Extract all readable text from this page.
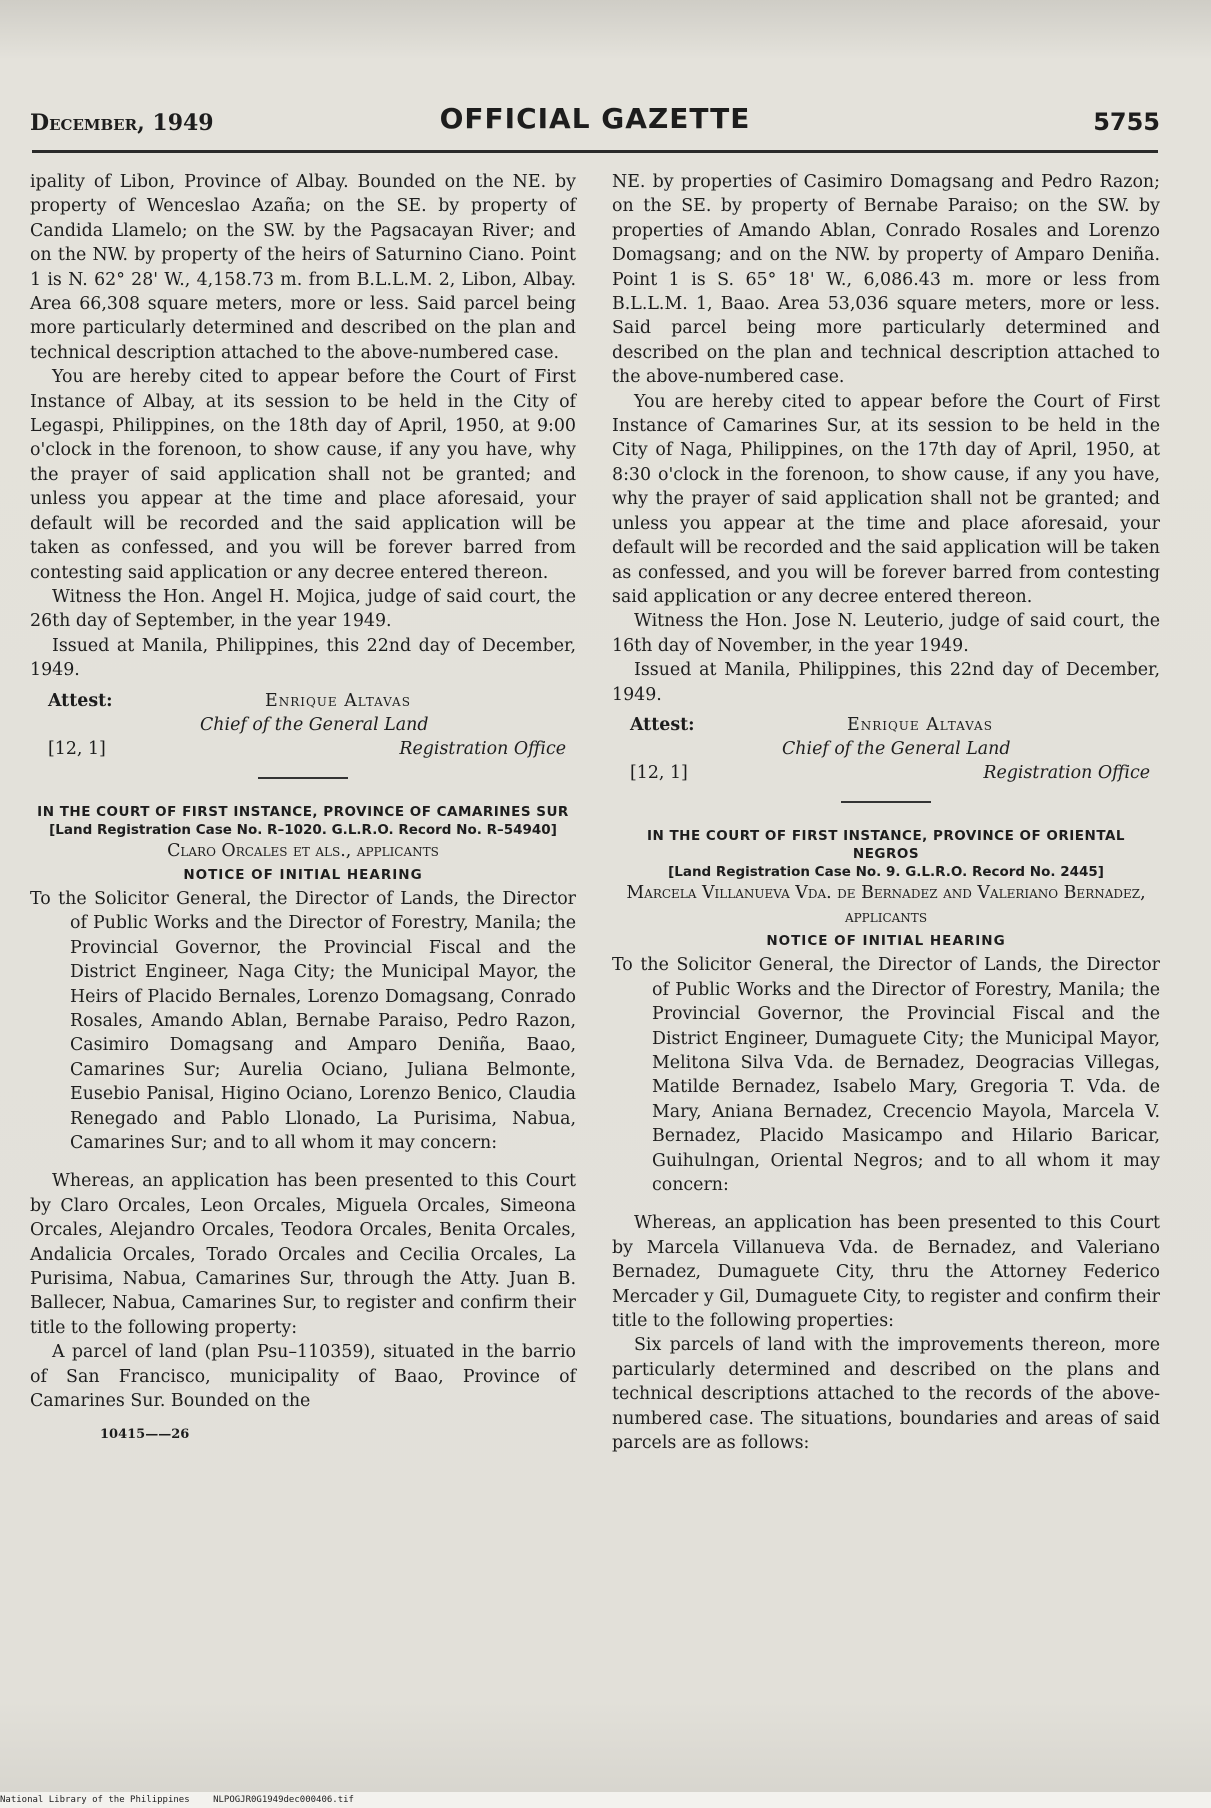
December, 1949	OFFICIAL GAZETTE	5755

ipality of Libon, Province of Albay. Bounded on the NE. by property of Wenceslao Azaña; on the SE. by property of Candida Llamelo; on the SW. by the Pagsacayan River; and on the NW. by property of the heirs of Saturnino Ciano. Point 1 is N. 62° 28' W., 4,158.73 m. from B.L.L.M. 2, Libon, Albay. Area 66,308 square meters, more or less. Said parcel being more particularly determined and described on the plan and technical description attached to the above-numbered case.

You are hereby cited to appear before the Court of First Instance of Albay, at its session to be held in the City of Legaspi, Philippines, on the 18th day of April, 1950, at 9:00 o'clock in the forenoon, to show cause, if any you have, why the prayer of said application shall not be granted; and unless you appear at the time and place aforesaid, your default will be recorded and the said application will be taken as confessed, and you will be forever barred from contesting said application or any decree entered thereon.

Witness the Hon. Angel H. Mojica, judge of said court, the 26th day of September, in the year 1949.

Issued at Manila, Philippines, this 22nd day of December, 1949.

Attest:	Enrique Altavas
Chief of the General Land
[12, 1]	Registration Office

IN THE COURT OF FIRST INSTANCE, PROVINCE OF CAMARINES SUR

[Land Registration Case No. R–1020. G.L.R.O. Record No. R–54940]

Claro Orcales et als., applicants

NOTICE OF INITIAL HEARING

To the Solicitor General, the Director of Lands, the Director of Public Works and the Director of Forestry, Manila; the Provincial Governor, the Provincial Fiscal and the District Engineer, Naga City; the Municipal Mayor, the Heirs of Placido Bernales, Lorenzo Domagsang, Conrado Rosales, Amando Ablan, Bernabe Paraiso, Pedro Razon, Casimiro Domagsang and Amparo Deniña, Baao, Camarines Sur; Aurelia Ociano, Juliana Belmonte, Eusebio Panisal, Higino Ociano, Lorenzo Benico, Claudia Renegado and Pablo Llonado, La Purisima, Nabua, Camarines Sur; and to all whom it may concern:

Whereas, an application has been presented to this Court by Claro Orcales, Leon Orcales, Miguela Orcales, Simeona Orcales, Alejandro Orcales, Teodora Orcales, Benita Orcales, Andalicia Orcales, Torado Orcales and Cecilia Orcales, La Purisima, Nabua, Camarines Sur, through the Atty. Juan B. Ballecer, Nabua, Camarines Sur, to register and confirm their title to the following property:

A parcel of land (plan Psu–110359), situated in the barrio of San Francisco, municipality of Baao, Province of Camarines Sur. Bounded on the

10415——26

NE. by properties of Casimiro Domagsang and Pedro Razon; on the SE. by property of Bernabe Paraiso; on the SW. by properties of Amando Ablan, Conrado Rosales and Lorenzo Domagsang; and on the NW. by property of Amparo Deniña. Point 1 is S. 65° 18' W., 6,086.43 m. more or less from B.L.L.M. 1, Baao. Area 53,036 square meters, more or less. Said parcel being more particularly determined and described on the plan and technical description attached to the above-numbered case.

You are hereby cited to appear before the Court of First Instance of Camarines Sur, at its session to be held in the City of Naga, Philippines, on the 17th day of April, 1950, at 8:30 o'clock in the forenoon, to show cause, if any you have, why the prayer of said application shall not be granted; and unless you appear at the time and place aforesaid, your default will be recorded and the said application will be taken as confessed, and you will be forever barred from contesting said application or any decree entered thereon.

Witness the Hon. Jose N. Leuterio, judge of said court, the 16th day of November, in the year 1949.

Issued at Manila, Philippines, this 22nd day of December, 1949.

Attest:	Enrique Altavas
Chief of the General Land
[12, 1]	Registration Office

IN THE COURT OF FIRST INSTANCE, PROVINCE OF ORIENTAL NEGROS

[Land Registration Case No. 9. G.L.R.O. Record No. 2445]

Marcela Villanueva Vda. de Bernadez and Valeriano Bernadez, applicants

NOTICE OF INITIAL HEARING

To the Solicitor General, the Director of Lands, the Director of Public Works and the Director of Forestry, Manila; the Provincial Governor, the Provincial Fiscal and the District Engineer, Dumaguete City; the Municipal Mayor, Melitona Silva Vda. de Bernadez, Deogracias Villegas, Matilde Bernadez, Isabelo Mary, Gregoria T. Vda. de Mary, Aniana Bernadez, Crecencio Mayola, Marcela V. Bernadez, Placido Masicampo and Hilario Baricar, Guihulngan, Oriental Negros; and to all whom it may concern:

Whereas, an application has been presented to this Court by Marcela Villanueva Vda. de Bernadez, and Valeriano Bernadez, Dumaguete City, thru the Attorney Federico Mercader y Gil, Dumaguete City, to register and confirm their title to the following properties:

Six parcels of land with the improvements thereon, more particularly determined and described on the plans and technical descriptions attached to the records of the above-numbered case. The situations, boundaries and areas of said parcels are as follows:

National Library of the Philippines	NLPOGJR0G1949dec000406.tif
